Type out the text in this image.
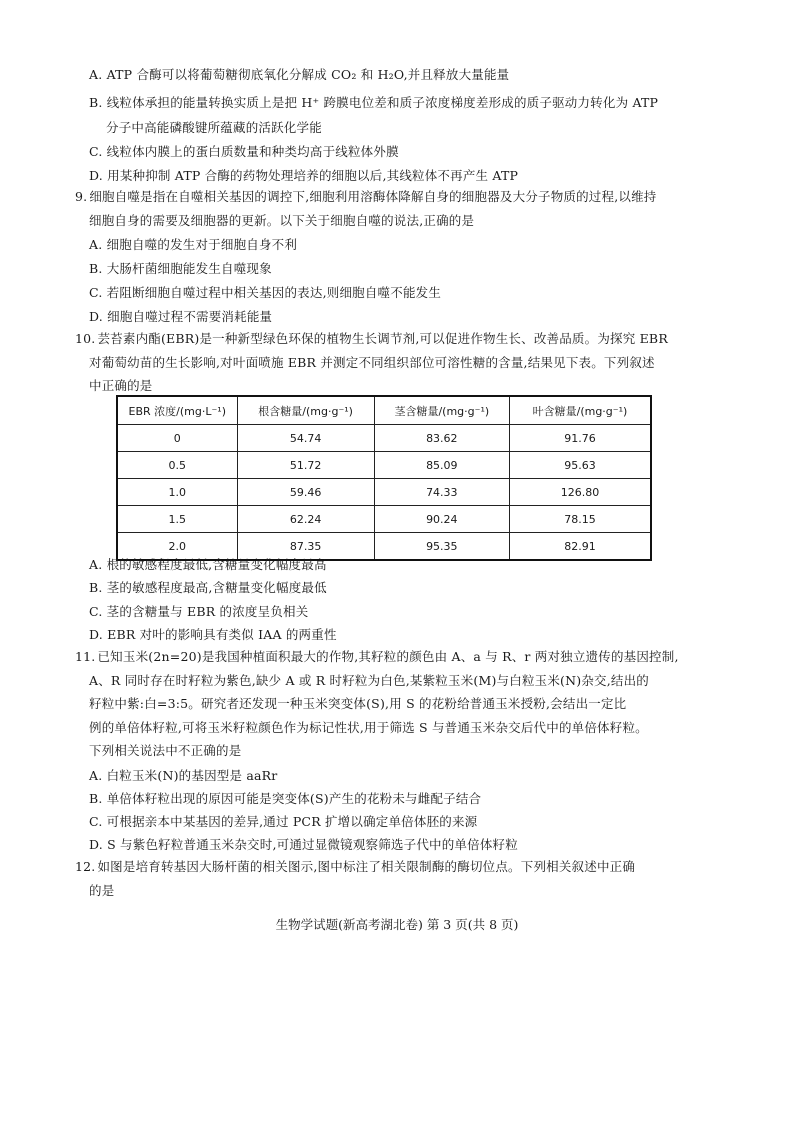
A. ATP 合酶可以将葡萄糖彻底氧化分解成 CO₂ 和 H₂O,并且释放大量能量
B. 线粒体承担的能量转换实质上是把 H⁺ 跨膜电位差和质子浓度梯度差形成的质子驱动力转化为 ATP
分子中高能磷酸键所蕴藏的活跃化学能
C. 线粒体内膜上的蛋白质数量和种类均高于线粒体外膜
D. 用某种抑制 ATP 合酶的药物处理培养的细胞以后,其线粒体不再产生 ATP
9. 细胞自噬是指在自噬相关基因的调控下,细胞利用溶酶体降解自身的细胞器及大分子物质的过程,以维持
细胞自身的需要及细胞器的更新。以下关于细胞自噬的说法,正确的是
A. 细胞自噬的发生对于细胞自身不利
B. 大肠杆菌细胞能发生自噬现象
C. 若阻断细胞自噬过程中相关基因的表达,则细胞自噬不能发生
D. 细胞自噬过程不需要消耗能量
10. 芸苔素内酯(EBR)是一种新型绿色环保的植物生长调节剂,可以促进作物生长、改善品质。为探究 EBR
对葡萄幼苗的生长影响,对叶面喷施 EBR 并测定不同组织部位可溶性糖的含量,结果见下表。下列叙述
中正确的是
EBR 浓度/(mg·L⁻¹)	根含糖量/(mg·g⁻¹)	茎含糖量/(mg·g⁻¹)	叶含糖量/(mg·g⁻¹)
0	54.74	83.62	91.76
0.5	51.72	85.09	95.63
1.0	59.46	74.33	126.80
1.5	62.24	90.24	78.15
2.0	87.35	95.35	82.91
A. 根的敏感程度最低,含糖量变化幅度最高
B. 茎的敏感程度最高,含糖量变化幅度最低
C. 茎的含糖量与 EBR 的浓度呈负相关
D. EBR 对叶的影响具有类似 IAA 的两重性
11. 已知玉米(2n=20)是我国种植面积最大的作物,其籽粒的颜色由 A、a 与 R、r 两对独立遗传的基因控制,
A、R 同时存在时籽粒为紫色,缺少 A 或 R 时籽粒为白色,某紫粒玉米(M)与白粒玉米(N)杂交,结出的
籽粒中紫:白=3:5。研究者还发现一种玉米突变体(S),用 S 的花粉给普通玉米授粉,会结出一定比
例的单倍体籽粒,可将玉米籽粒颜色作为标记性状,用于筛选 S 与普通玉米杂交后代中的单倍体籽粒。
下列相关说法中不正确的是
A. 白粒玉米(N)的基因型是 aaRr
B. 单倍体籽粒出现的原因可能是突变体(S)产生的花粉未与雌配子结合
C. 可根据亲本中某基因的差异,通过 PCR 扩增以确定单倍体胚的来源
D. S 与紫色籽粒普通玉米杂交时,可通过显微镜观察筛选子代中的单倍体籽粒
12. 如图是培育转基因大肠杆菌的相关图示,图中标注了相关限制酶的酶切位点。下列相关叙述中正确
的是
生物学试题(新高考湖北卷) 第 3 页(共 8 页)
